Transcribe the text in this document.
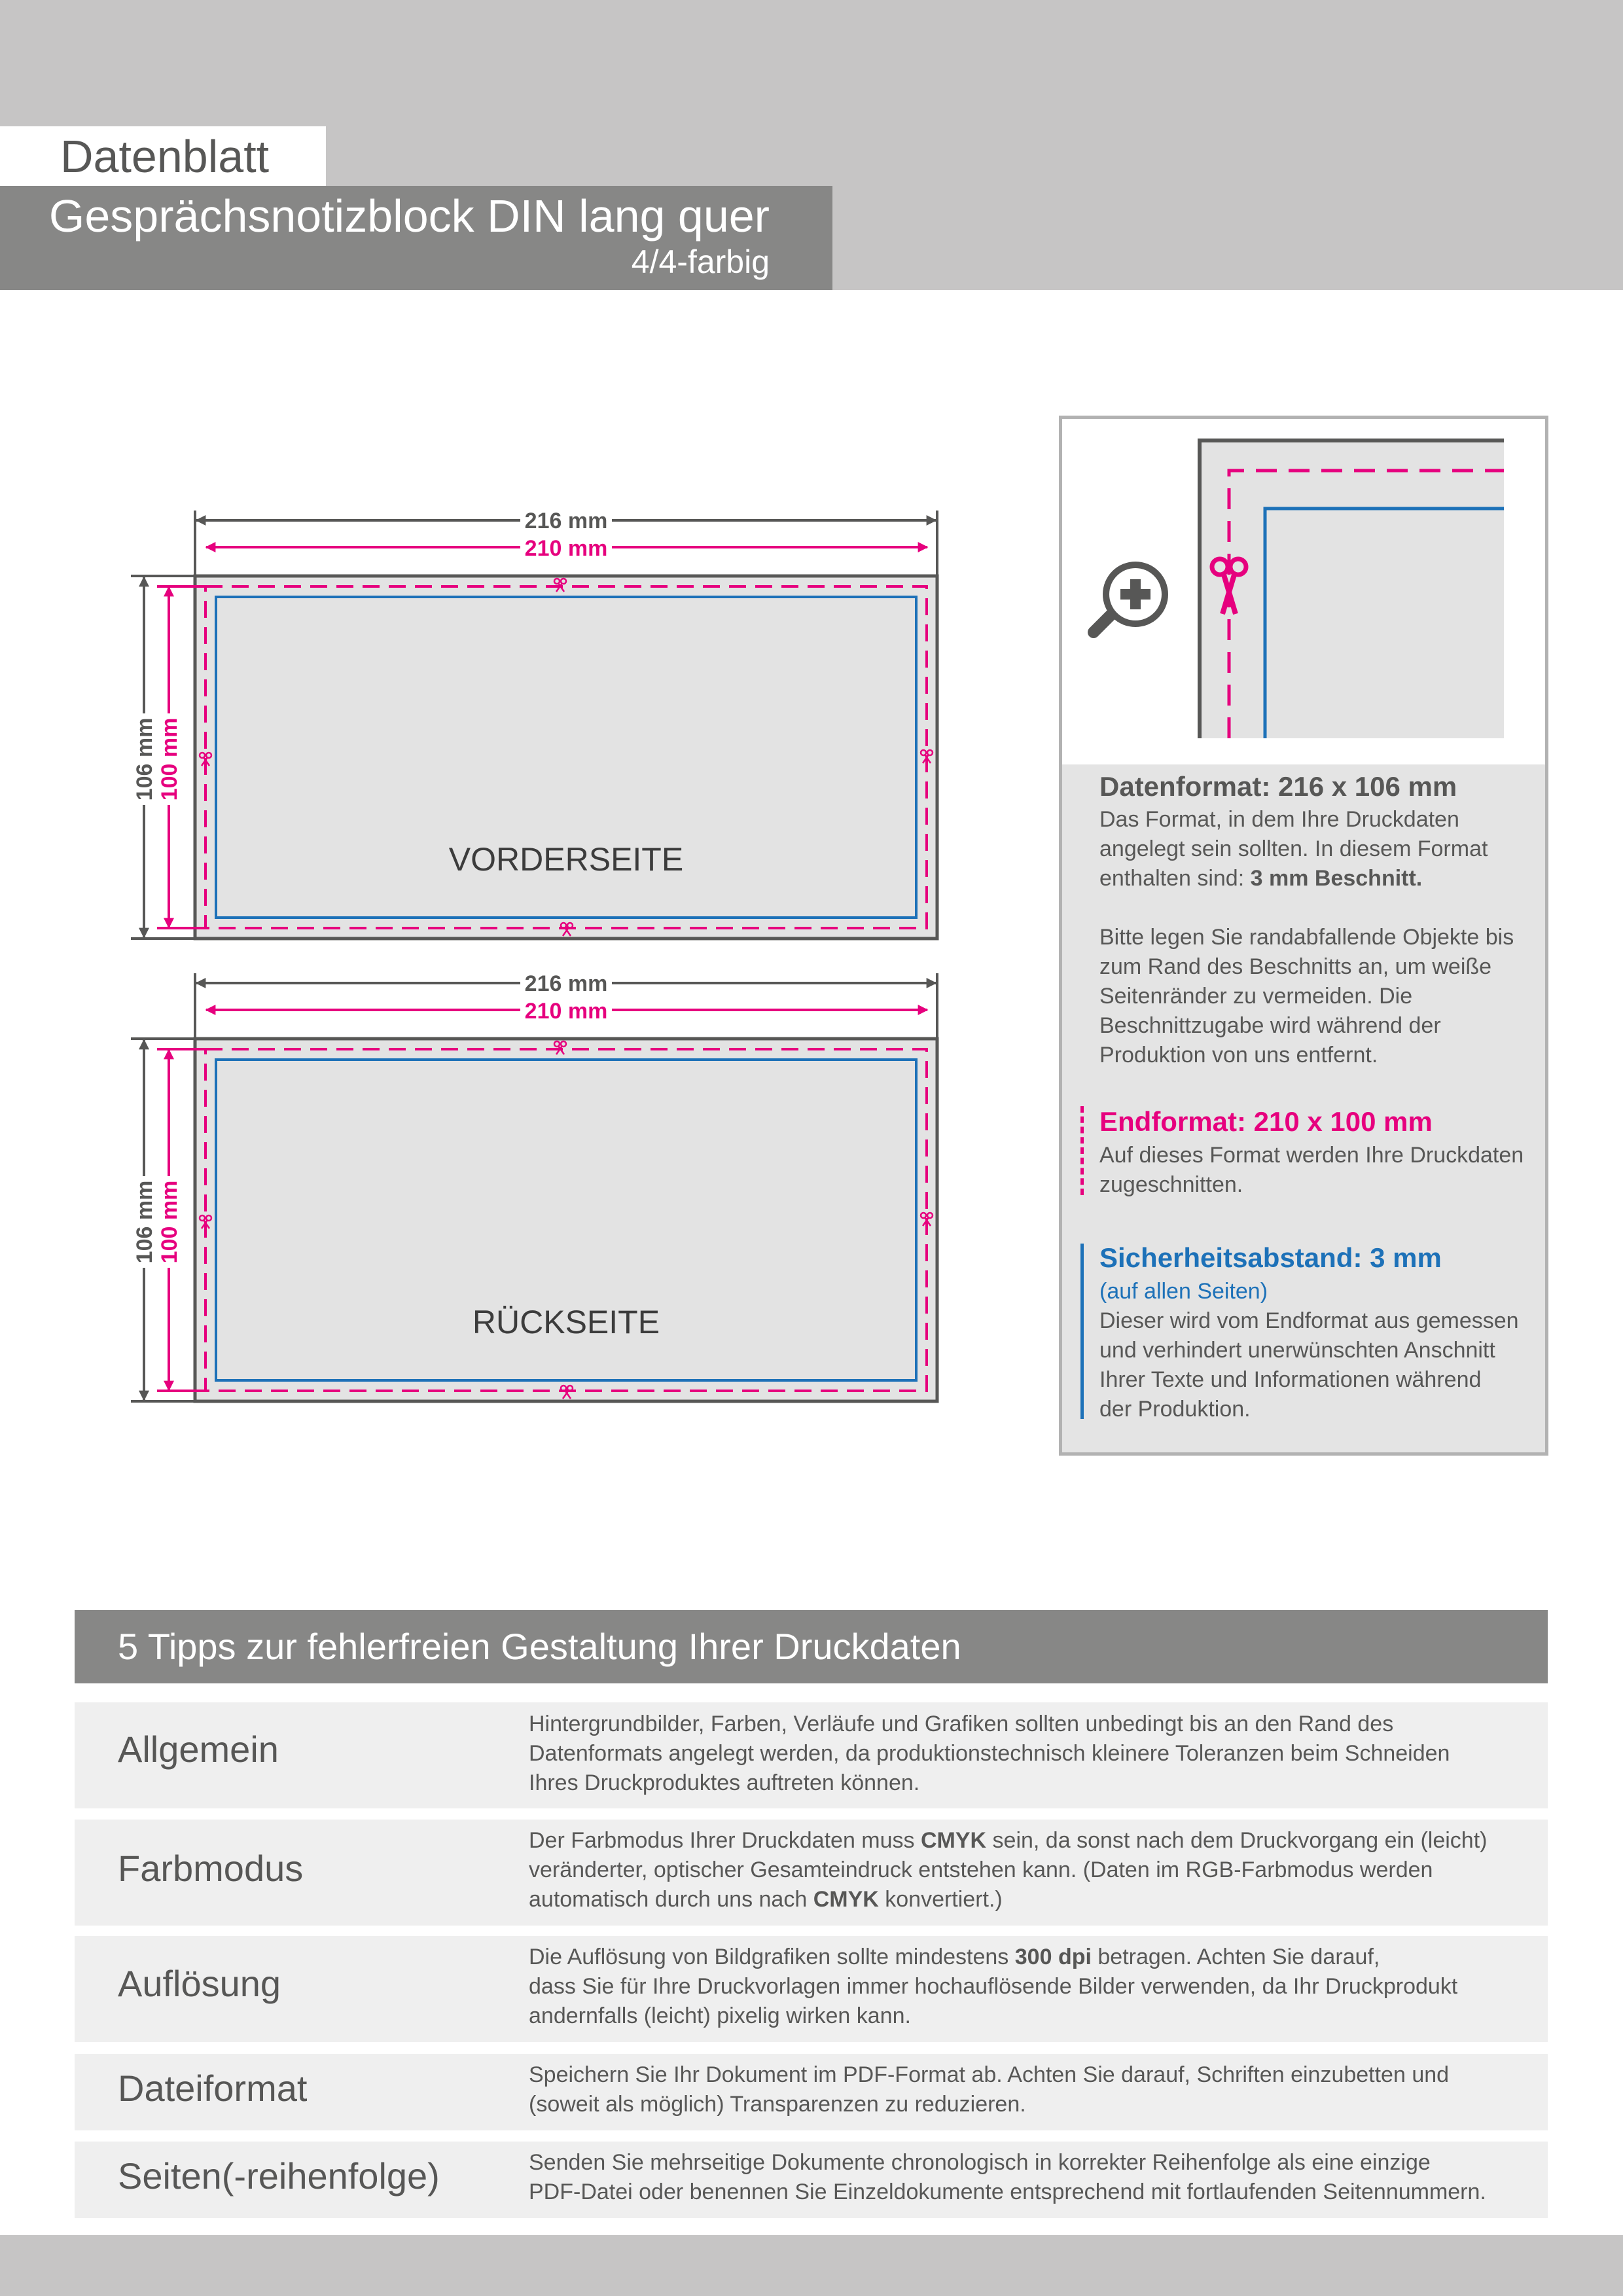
Datenblatt
Gesprächsnotizblock DIN lang quer
4/4-farbig
216 mm
210 mm
106 mm 100 mm
VORDERSEITE
216 mm
210 mm
106 mm 100 mm
RÜCKSEITE
Datenformat: 216 x 106 mm
Das Format, in dem Ihre Druckdaten
angelegt sein sollten. In diesem Format
enthalten sind: 3 mm Beschnitt.
Bitte legen Sie randabfallende Objekte bis
zum Rand des Beschnitts an, um weiße
Seitenränder zu vermeiden. Die
Beschnittzugabe wird während der
Produktion von uns entfernt.
Endformat: 210 x 100 mm
Auf dieses Format werden Ihre Druckdaten
zugeschnitten.
Sicherheitsabstand: 3 mm
(auf allen Seiten)
Dieser wird vom Endformat aus gemessen
und verhindert unerwünschten Anschnitt
Ihrer Texte und Informationen während
der Produktion.
5 Tipps zur fehlerfreien Gestaltung Ihrer Druckdaten
Allgemein
Hintergrundbilder, Farben, Verläufe und Grafiken sollten unbedingt bis an den Rand des
Datenformats angelegt werden, da produktionstechnisch kleinere Toleranzen beim Schneiden
Ihres Druckproduktes auftreten können.
Farbmodus
Der Farbmodus Ihrer Druckdaten muss CMYK sein, da sonst nach dem Druckvorgang ein (leicht)
veränderter, optischer Gesamteindruck entstehen kann. (Daten im RGB-Farbmodus werden
automatisch durch uns nach CMYK konvertiert.)
Auflösung
Die Auflösung von Bildgrafiken sollte mindestens 300 dpi betragen. Achten Sie darauf,
dass Sie für Ihre Druckvorlagen immer hochauflösende Bilder verwenden, da Ihr Druckprodukt
andernfalls (leicht) pixelig wirken kann.
Dateiformat	Speichern Sie Ihr Dokument im PDF-Format ab. Achten Sie darauf, Schriften einzubetten und
(soweit als möglich) Transparenzen zu reduzieren.
Seiten(-reihenfolge)	Senden Sie mehrseitige Dokumente chronologisch in korrekter Reihenfolge als eine einzige
PDF-Datei oder benennen Sie Einzeldokumente entsprechend mit fortlaufenden Seitennummern.
